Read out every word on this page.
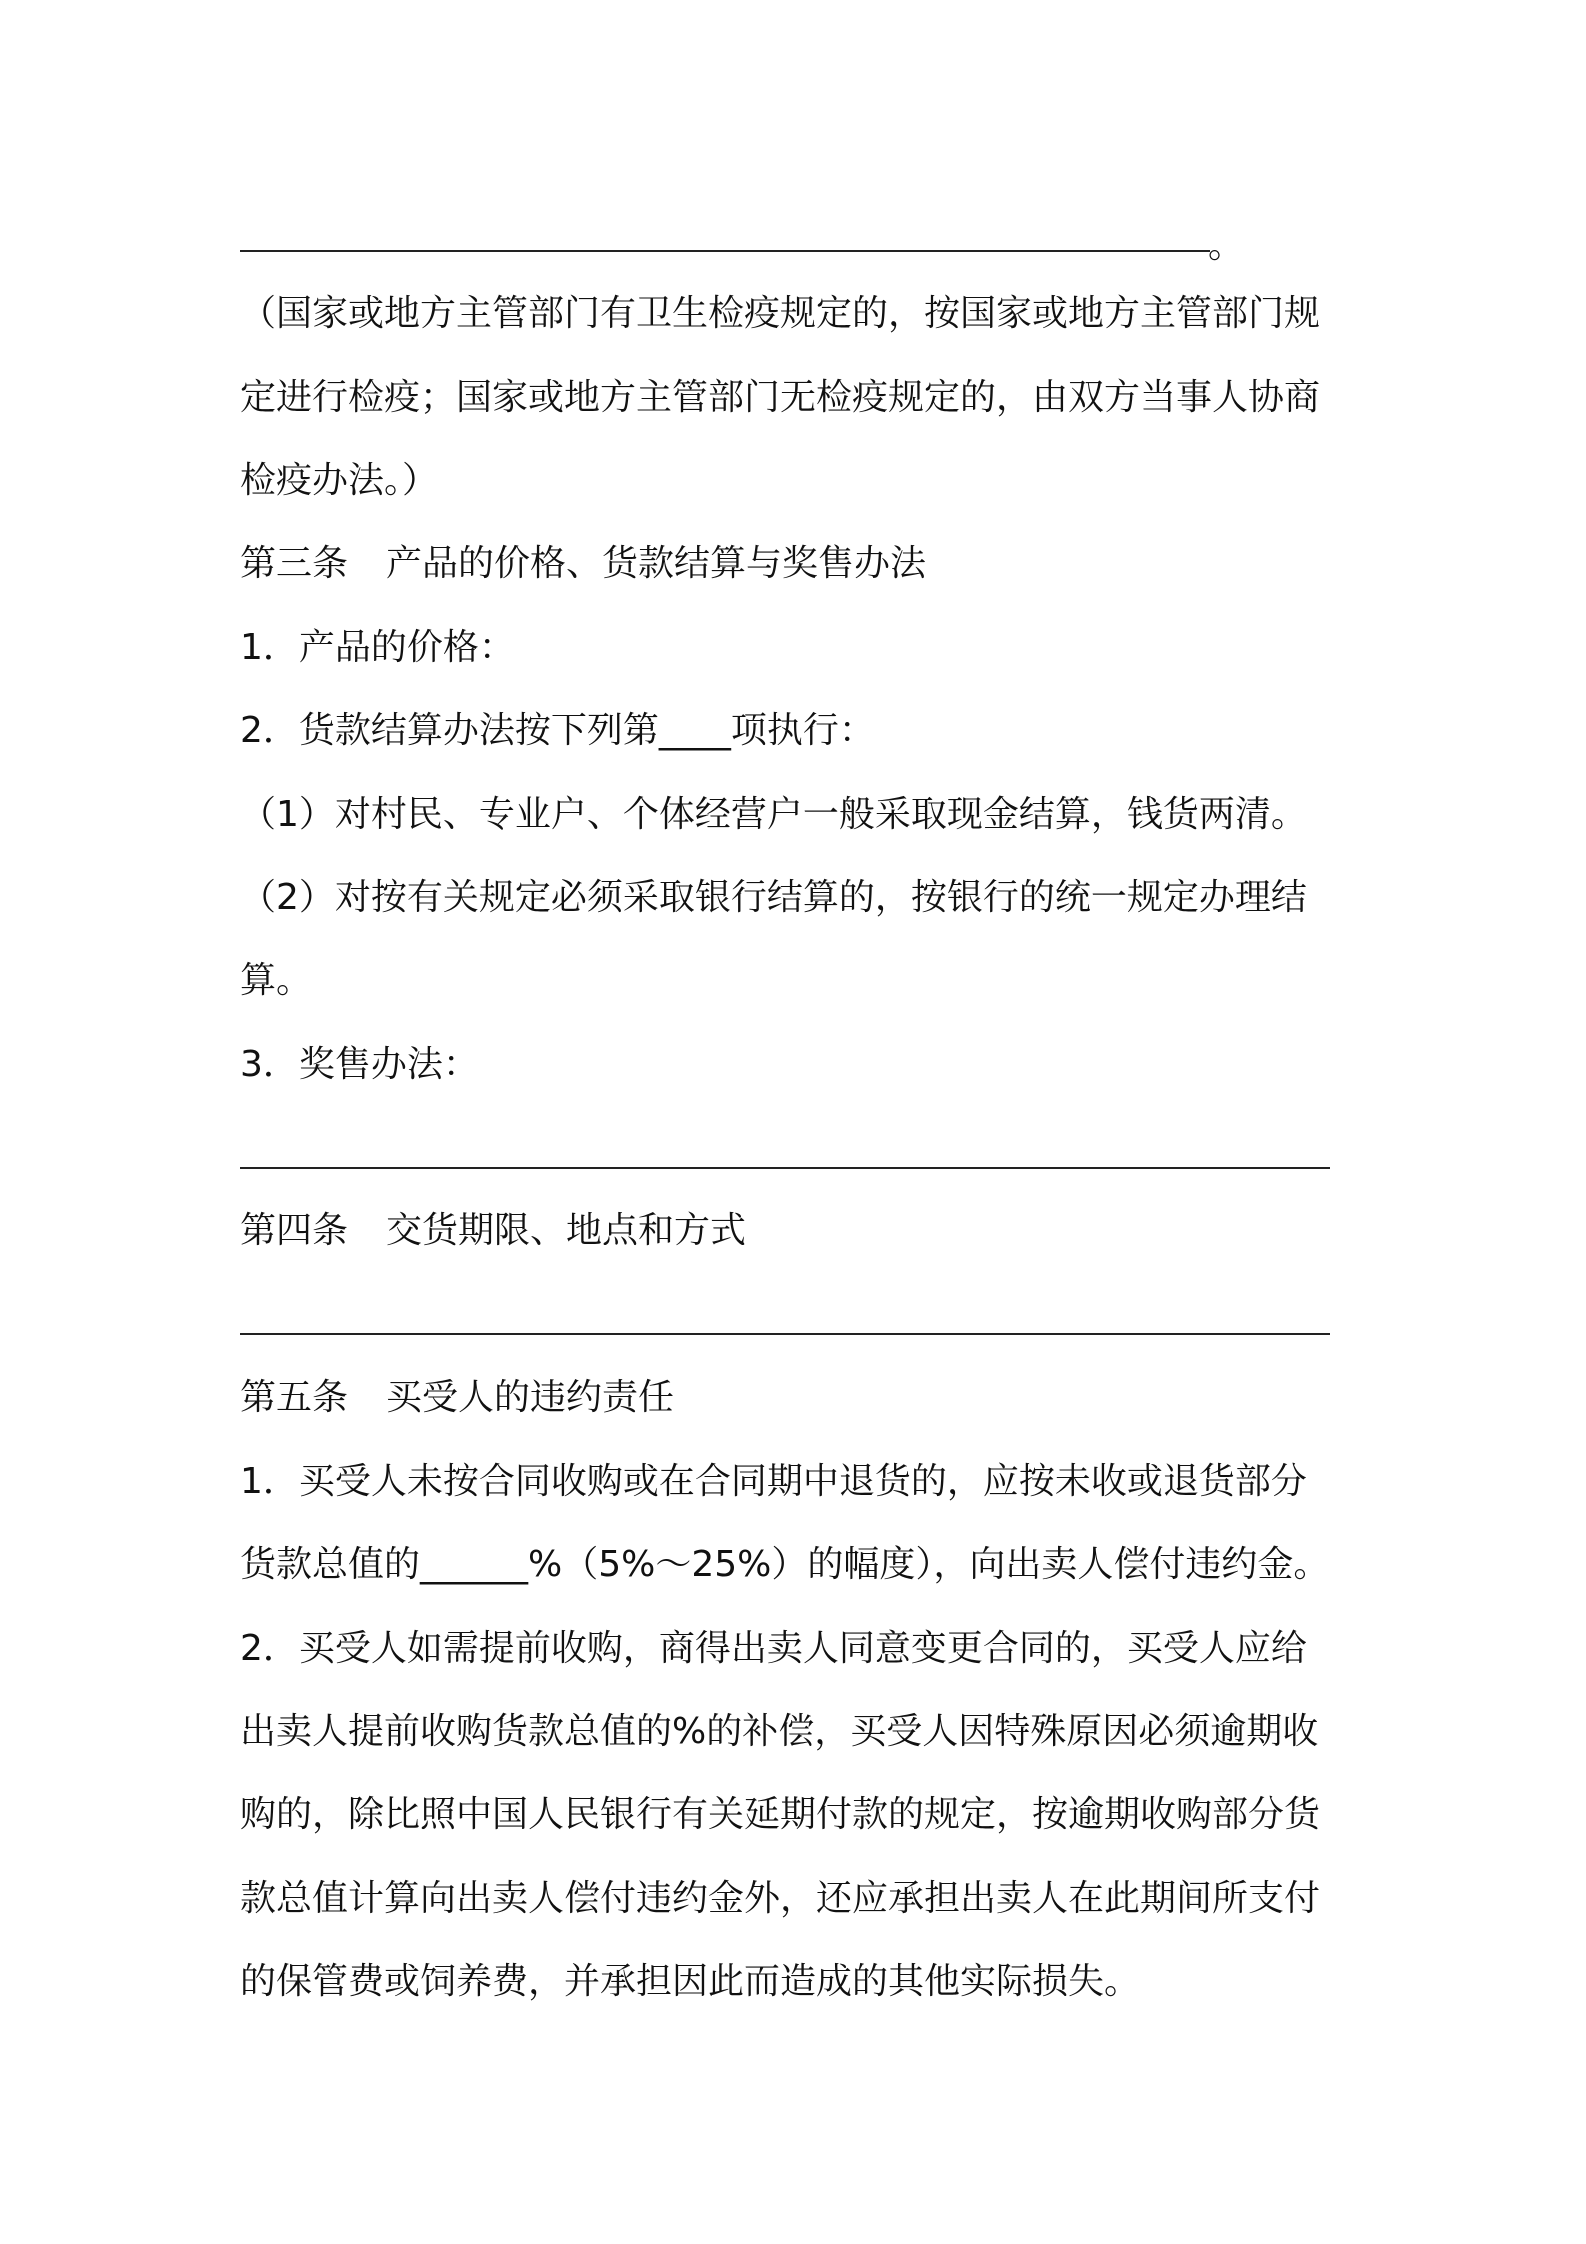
。
（国家或地方主管部门有卫生检疫规定的，按国家或地方主管部门规
定进行检疫；国家或地方主管部门无检疫规定的，由双方当事人协商
检疫办法。）
第三条 产品的价格、货款结算与奖售办法
1．产品的价格：
2．货款结算办法按下列第____项执行：
（1）对村民、专业户、个体经营户一般采取现金结算，钱货两清。
（2）对按有关规定必须采取银行结算的，按银行的统一规定办理结
算。
3．奖售办法：
第四条 交货期限、地点和方式
第五条 买受人的违约责任
1．买受人未按合同收购或在合同期中退货的，应按未收或退货部分
货款总值的______%（5%～25%）的幅度），向出卖人偿付违约金。
2．买受人如需提前收购，商得出卖人同意变更合同的，买受人应给
出卖人提前收购货款总值的%的补偿，买受人因特殊原因必须逾期收
购的，除比照中国人民银行有关延期付款的规定，按逾期收购部分货
款总值计算向出卖人偿付违约金外，还应承担出卖人在此期间所支付
的保管费或饲养费，并承担因此而造成的其他实际损失。
